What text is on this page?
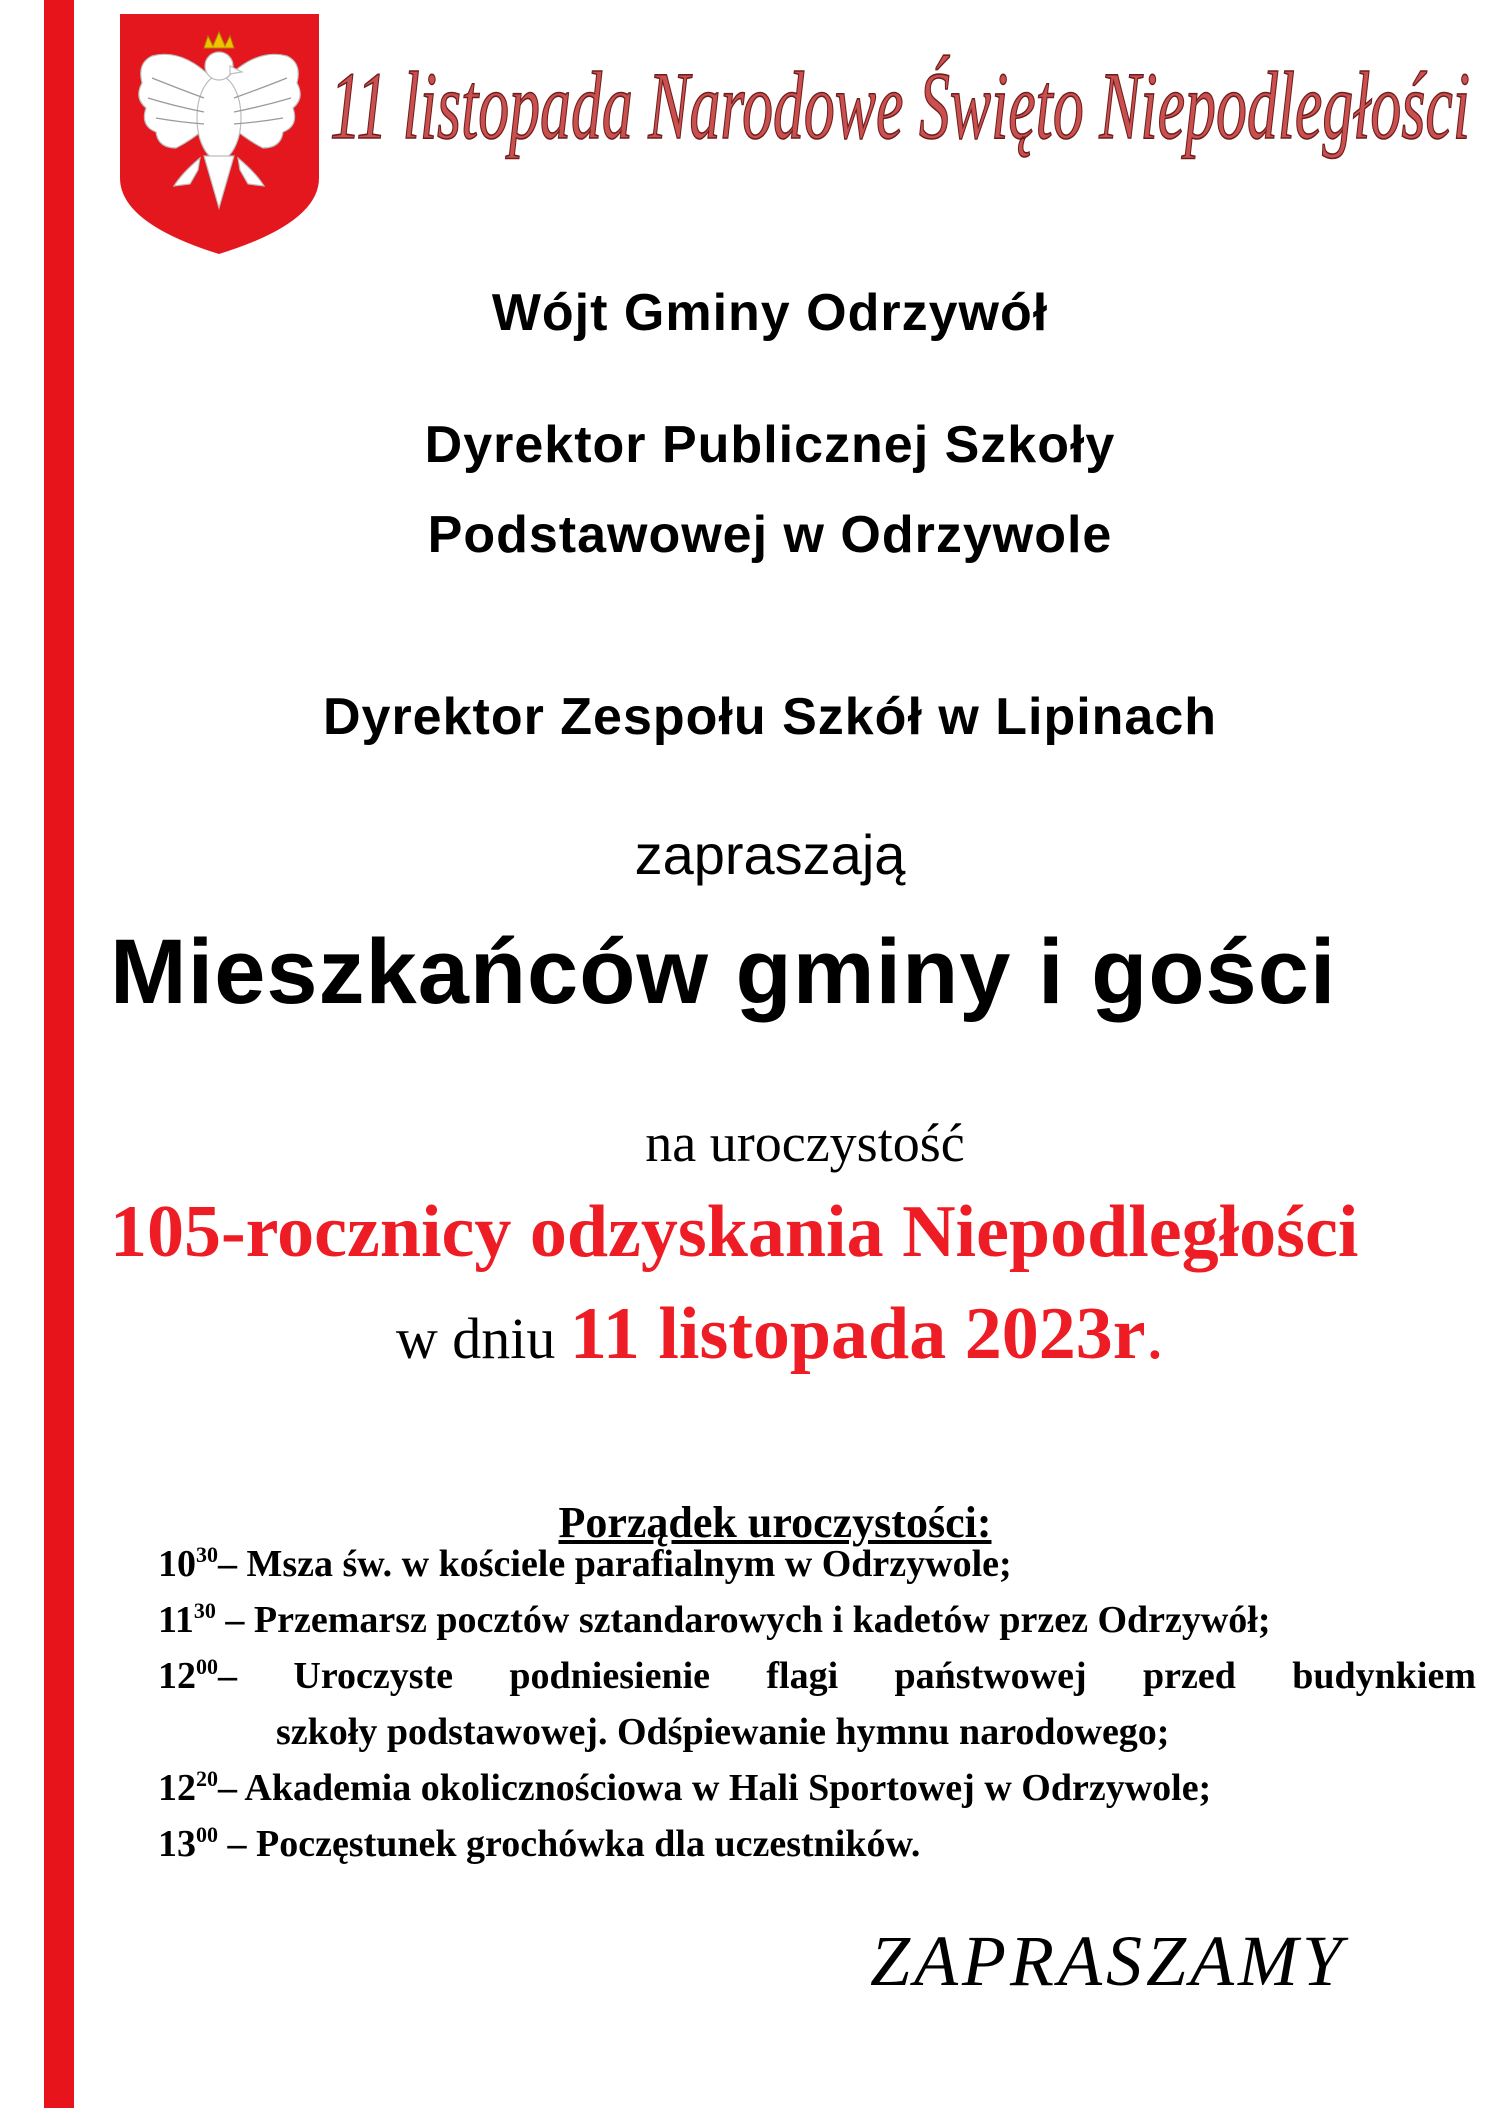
11 listopada Narodowe Święto Niepodległości
Wójt Gminy Odrzywół
Dyrektor Publicznej Szkoły
Podstawowej w Odrzywole
Dyrektor Zespołu Szkół w Lipinach
zapraszają
Mieszkańców gminy i gości
na uroczystość
105-rocznicy odzyskania Niepodległości
w dniu 11 listopada 2023r.
Porządek uroczystości:
$10^{30}-$ Msza św. w kościele parafialnym w Odrzywole;
$11^{30}$ – Przemarsz pocztów sztandarowych i kadetów przez Odrzywół;
$12^{00}-$ Uroczyste podniesienie flagi państwowej przed budynkiem
szkoły podstawowej. Odśpiewanie hymnu narodowego;
$12^{20}-$ Akademia okolicznościowa w Hali Sportowej w Odrzywole;
$13^{00}$ – Poczęstunek grochówka dla uczestników.
ZAPRASZAMY
